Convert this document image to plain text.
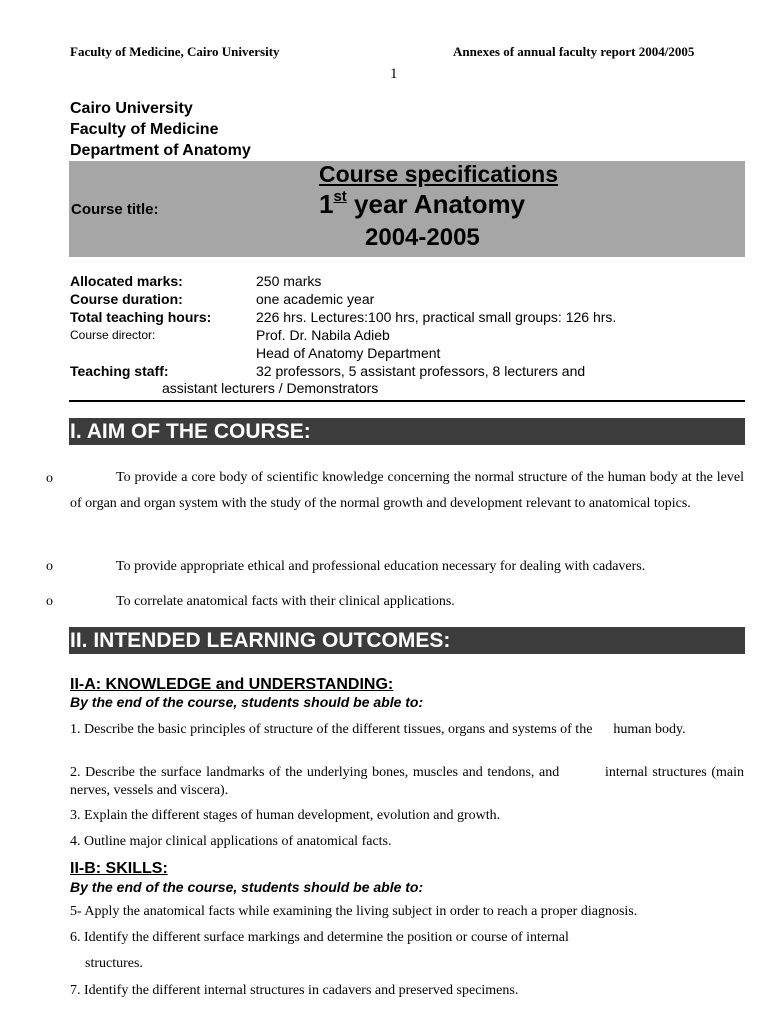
Faculty of Medicine, Cairo University	Annexes of annual faculty report 2004/2005
1
Cairo University
Faculty of Medicine
Department of Anatomy
Course title:
Course specifications
1st year Anatomy
2004-2005
Allocated marks:	250 marks
Course duration:	one academic year
Total teaching hours:	226 hrs. Lectures:100 hrs, practical small groups: 126 hrs.
Course director:	Prof. Dr. Nabila Adieb
Head of Anatomy Department
Teaching staff:	32 professors, 5 assistant professors, 8 lecturers and
assistant lecturers / Demonstrators
I. AIM OF THE COURSE:
o	To provide a core body of scientific knowledge concerning the normal structure of the human body at the level of organ and organ system with the study of the normal growth and development relevant to anatomical topics.
o	To provide appropriate ethical and professional education necessary for dealing with cadavers.
o	To correlate anatomical facts with their clinical applications.
II. INTENDED LEARNING OUTCOMES:
II-A: KNOWLEDGE and UNDERSTANDING:
By the end of the course, students should be able to:
1. Describe the basic principles of structure of the different tissues, organs and systems of the      human body.
2. Describe the surface landmarks of the underlying bones, muscles and tendons, and          internal structures (main nerves, vessels and viscera).
3. Explain the different stages of human development, evolution and growth.
4. Outline major clinical applications of anatomical facts.
II-B: SKILLS:
By the end of the course, students should be able to:
5- Apply the anatomical facts while examining the living subject in order to reach a proper diagnosis.
6. Identify the different surface markings and determine the position or course of internal
structures.
7. Identify the different internal structures in cadavers and preserved specimens.
